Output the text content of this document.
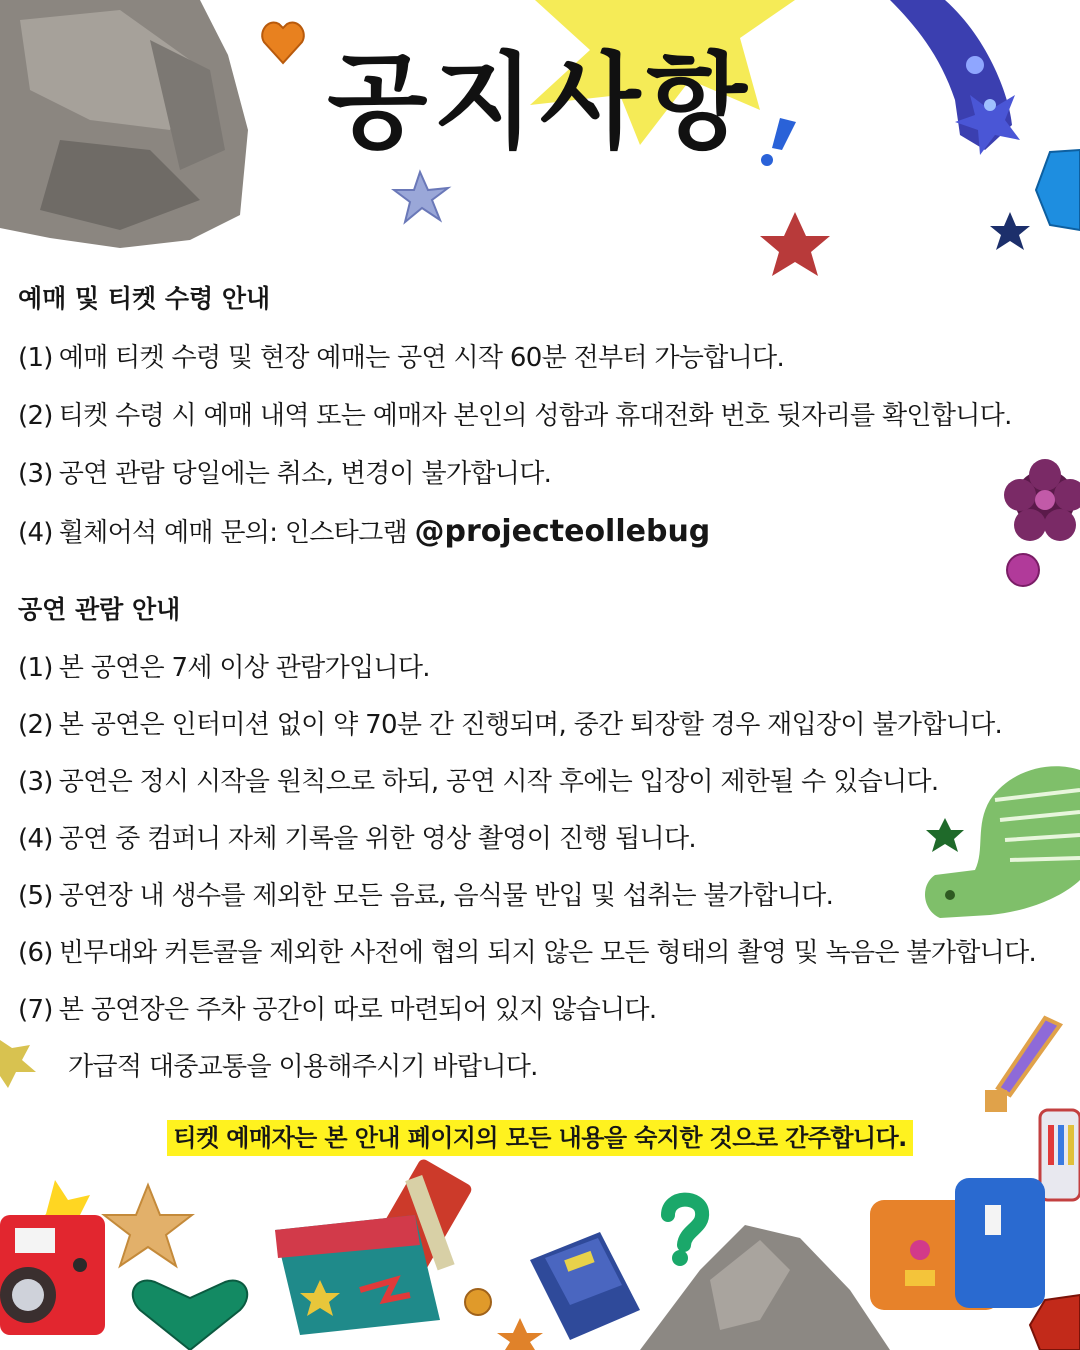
공지사항
예매 및 티켓 수령 안내
(1) 예매 티켓 수령 및 현장 예매는 공연 시작 60분 전부터 가능합니다.
(2) 티켓 수령 시 예매 내역 또는 예매자 본인의 성함과 휴대전화 번호 뒷자리를 확인합니다.
(3) 공연 관람 당일에는 취소, 변경이 불가합니다.
(4) 휠체어석 예매 문의: 인스타그램 @projecteollebug
공연 관람 안내
(1) 본 공연은 7세 이상 관람가입니다.
(2) 본 공연은 인터미션 없이 약 70분 간 진행되며, 중간 퇴장할 경우 재입장이 불가합니다.
(3) 공연은 정시 시작을 원칙으로 하되, 공연 시작 후에는 입장이 제한될 수 있습니다.
(4) 공연 중 컴퍼니 자체 기록을 위한 영상 촬영이 진행 됩니다.
(5) 공연장 내 생수를 제외한 모든 음료, 음식물 반입 및 섭취는 불가합니다.
(6) 빈무대와 커튼콜을 제외한 사전에 협의 되지 않은 모든 형태의 촬영 및 녹음은 불가합니다.
(7) 본 공연장은 주차 공간이 따로 마련되어 있지 않습니다.
가급적 대중교통을 이용해주시기 바랍니다.
티켓 예매자는 본 안내 페이지의 모든 내용을 숙지한 것으로 간주합니다.
